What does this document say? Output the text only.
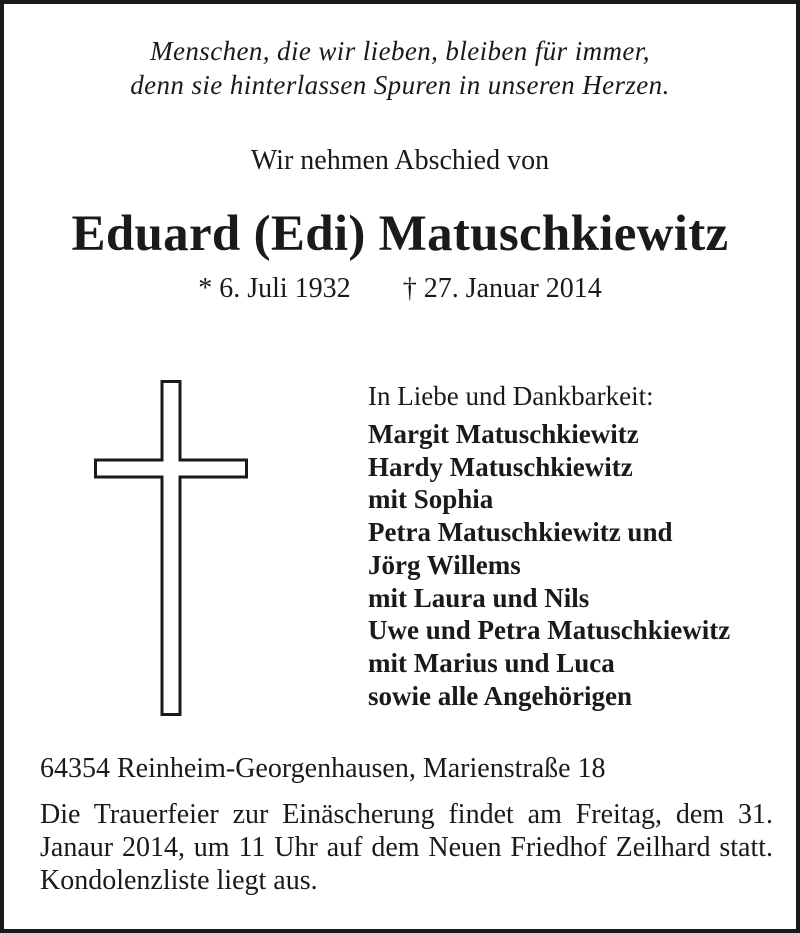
Menschen, die wir lieben, bleiben für immer,
denn sie hinterlassen Spuren in unseren Herzen.
Wir nehmen Abschied von
Eduard (Edi) Matuschkiewitz
* 6. Juli 1932 † 27. Januar 2014
In Liebe und Dankbarkeit:
Margit Matuschkiewitz
Hardy Matuschkiewitz
mit Sophia
Petra Matuschkiewitz und
Jörg Willems
mit Laura und Nils
Uwe und Petra Matuschkiewitz
mit Marius und Luca
sowie alle Angehörigen
64354 Reinheim-Georgenhausen, Marienstraße 18
Die Trauerfeier zur Einäscherung findet am Freitag, dem 31. Janaur 2014, um 11 Uhr auf dem Neuen Friedhof Zeilhard statt. Kondolenzliste liegt aus.
